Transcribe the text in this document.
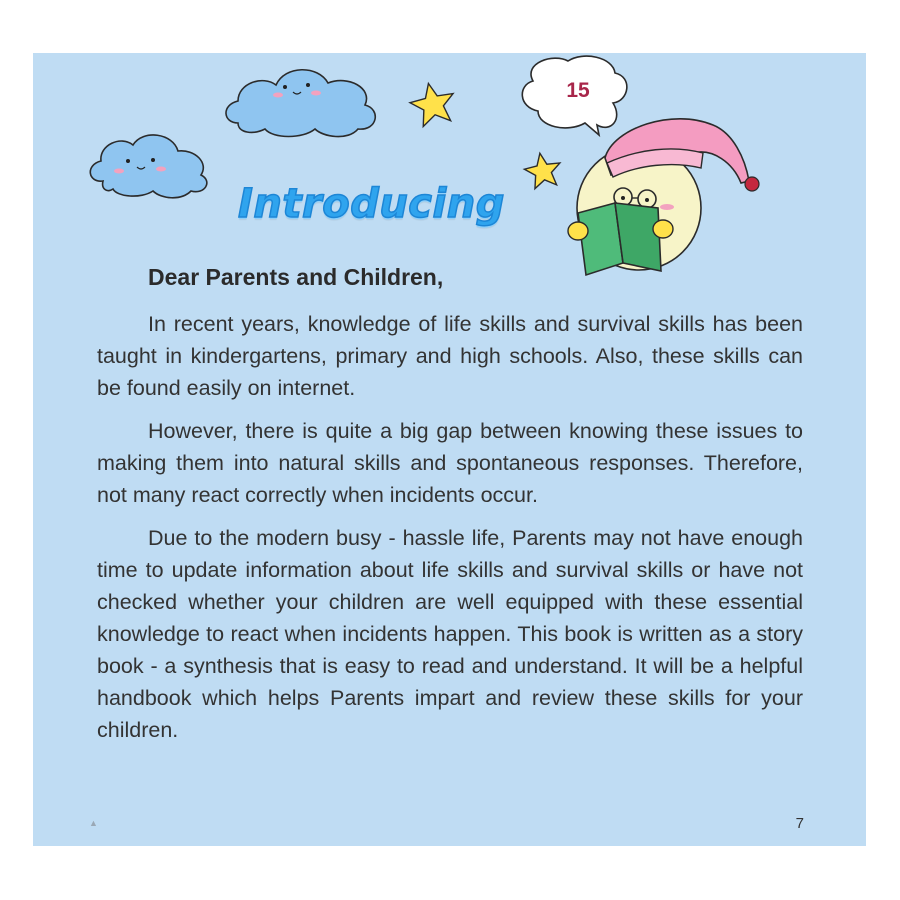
15
Introducing
Dear Parents and Children,

In recent years, knowledge of life skills and survival skills has been taught in kindergartens, primary and high schools. Also, these skills can be found easily on internet.

However, there is quite a big gap between knowing these issues to making them into natural skills and spontaneous responses. Therefore, not many react correctly when incidents occur.

Due to the modern busy - hassle life, Parents may not have enough time to update information about life skills and survival skills or have not checked whether your children are well equipped with these essential knowledge to react when incidents happen. This book is written as a story book - a synthesis that is easy to read and understand. It will be a helpful handbook which helps Parents impart and review these skills for your children.

▲	7
